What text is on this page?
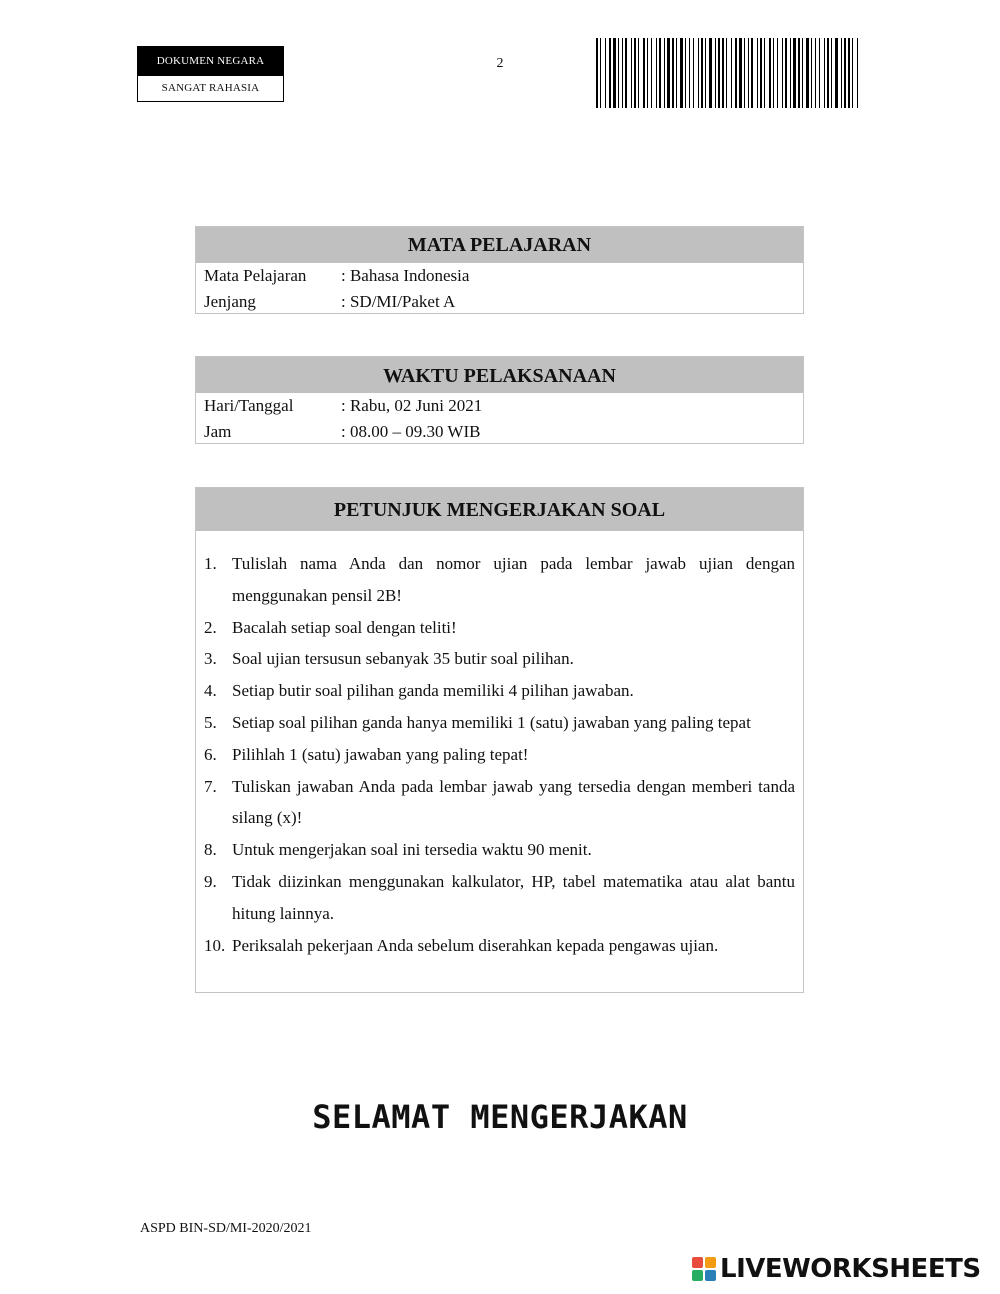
DOKUMEN NEGARA
SANGAT RAHASIA
2
MATA PELAJARAN
Mata Pelajaran	: Bahasa Indonesia
Jenjang	: SD/MI/Paket A
WAKTU PELAKSANAAN
Hari/Tanggal	: Rabu, 02 Juni 2021
Jam	: 08.00 – 09.30 WIB
PETUNJUK MENGERJAKAN SOAL
1. Tulislah nama Anda dan nomor ujian pada lembar jawab ujian dengan menggunakan pensil 2B!
2. Bacalah setiap soal dengan teliti!
3. Soal ujian tersusun sebanyak 35 butir soal pilihan.
4. Setiap butir soal pilihan ganda memiliki 4 pilihan jawaban.
5. Setiap soal pilihan ganda hanya memiliki 1 (satu) jawaban yang paling tepat
6. Pilihlah 1 (satu) jawaban yang paling tepat!
7. Tuliskan jawaban Anda pada lembar jawab yang tersedia dengan memberi tanda silang (x)!
8. Untuk mengerjakan soal ini tersedia waktu 90 menit.
9. Tidak diizinkan menggunakan kalkulator, HP, tabel matematika atau alat bantu hitung lainnya.
10. Periksalah pekerjaan Anda sebelum diserahkan kepada pengawas ujian.
SELAMAT MENGERJAKAN
ASPD BIN-SD/MI-2020/2021
LIVEWORKSHEETS
